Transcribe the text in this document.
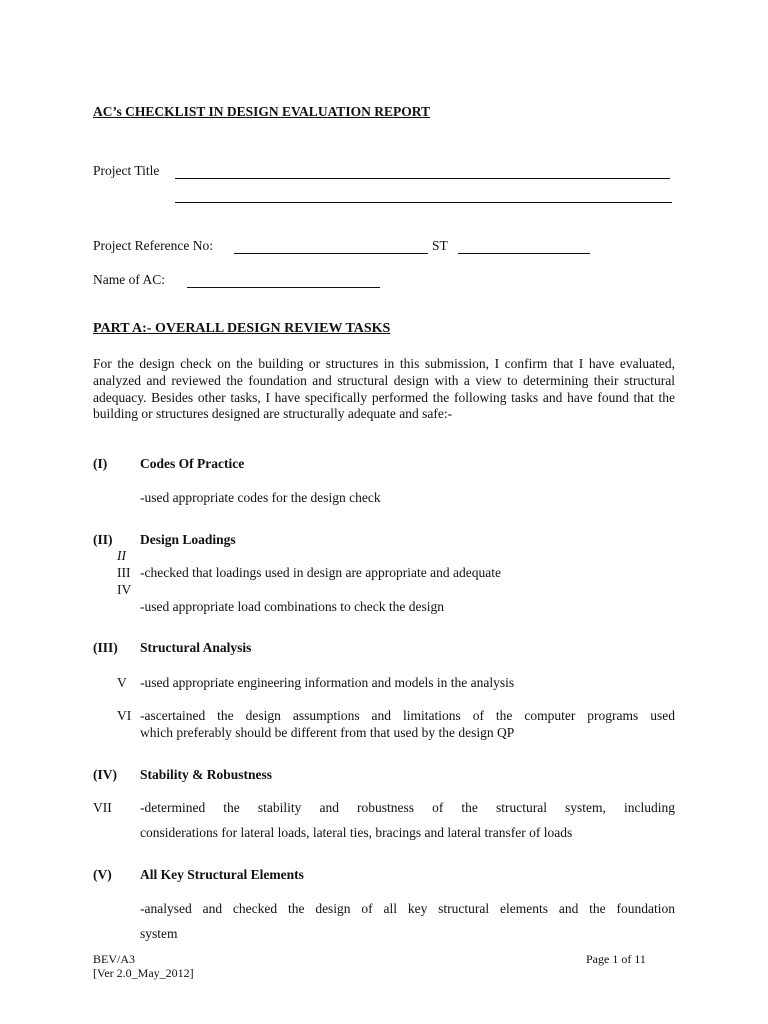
AC’s CHECKLIST IN DESIGN EVALUATION REPORT
Project Title
Project Reference No:	ST
Name of AC:
PART A:- OVERALL DESIGN REVIEW TASKS
For the design check on the building or structures in this submission, I confirm that I have evaluated, analyzed and reviewed the foundation and structural design with a view to determining their structural adequacy. Besides other tasks, I have specifically performed the following tasks and have found that the building or structures designed are structurally adequate and safe:-
(I) Codes Of Practice
-used appropriate codes for the design check
(II) Design Loadings
II
III -checked that loadings used in design are appropriate and adequate
IV
-used appropriate load combinations to check the design
(III) Structural Analysis
V -used appropriate engineering information and models in the analysis
VI -ascertained the design assumptions and limitations of the computer programs used
which preferably should be different from that used by the design QP
(IV) Stability & Robustness
VII -determined the stability and robustness of the structural system, including
considerations for lateral loads, lateral ties, bracings and lateral transfer of loads
(V) All Key Structural Elements
-analysed and checked the design of all key structural elements and the foundation
system
BEV/A3
[Ver 2.0_May_2012]
Page 1 of 11
